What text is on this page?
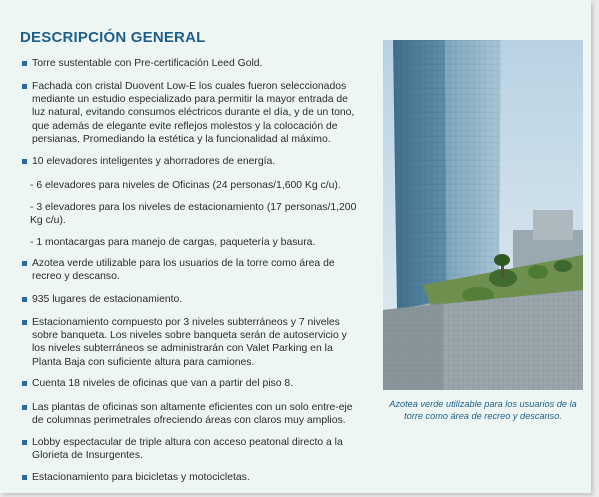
DESCRIPCIÓN GENERAL
Torre sustentable con Pre-certificación Leed Gold.
Fachada con cristal Duovent Low-E los cuales fueron seleccionados mediante un estudio especializado para permitir la mayor entrada de luz natural, evitando consumos eléctricos durante el día, y de un tono, que además de elegante evite reflejos molestos y la colocación de persianas. Promediando la estética y la funcionalidad al máximo.
10 elevadores inteligentes y ahorradores de energía.
- 6 elevadores para niveles de Oficinas (24 personas/1,600 Kg c/u).
- 3 elevadores para los niveles de estacionamiento (17 personas/1,200 Kg c/u).
- 1 montacargas para manejo de cargas, paquetería y basura.
Azotea verde utilizable para los usuarios de la torre como área de recreo y descanso.
935 lugares de estacionamiento.
Estacionamiento compuesto por 3 niveles subterráneos y 7 niveles sobre banqueta. Los niveles sobre banqueta serán de autoservicio y los niveles subterráneos se administrarán con Valet Parking en la Planta Baja con suficiente altura para camiones.
Cuenta 18 niveles de oficinas que van a partir del piso 8.
Las plantas de oficinas son altamente eficientes con un solo entre-eje de columnas perimetrales ofreciendo áreas con claros muy amplios.
Lobby espectacular de triple altura con acceso peatonal directo a la Glorieta de Insurgentes.
Estacionamiento para bicicletas y motocicletas.
Azotea verde utilizable para los usuarios de la torre como área de recreo y descanso.
